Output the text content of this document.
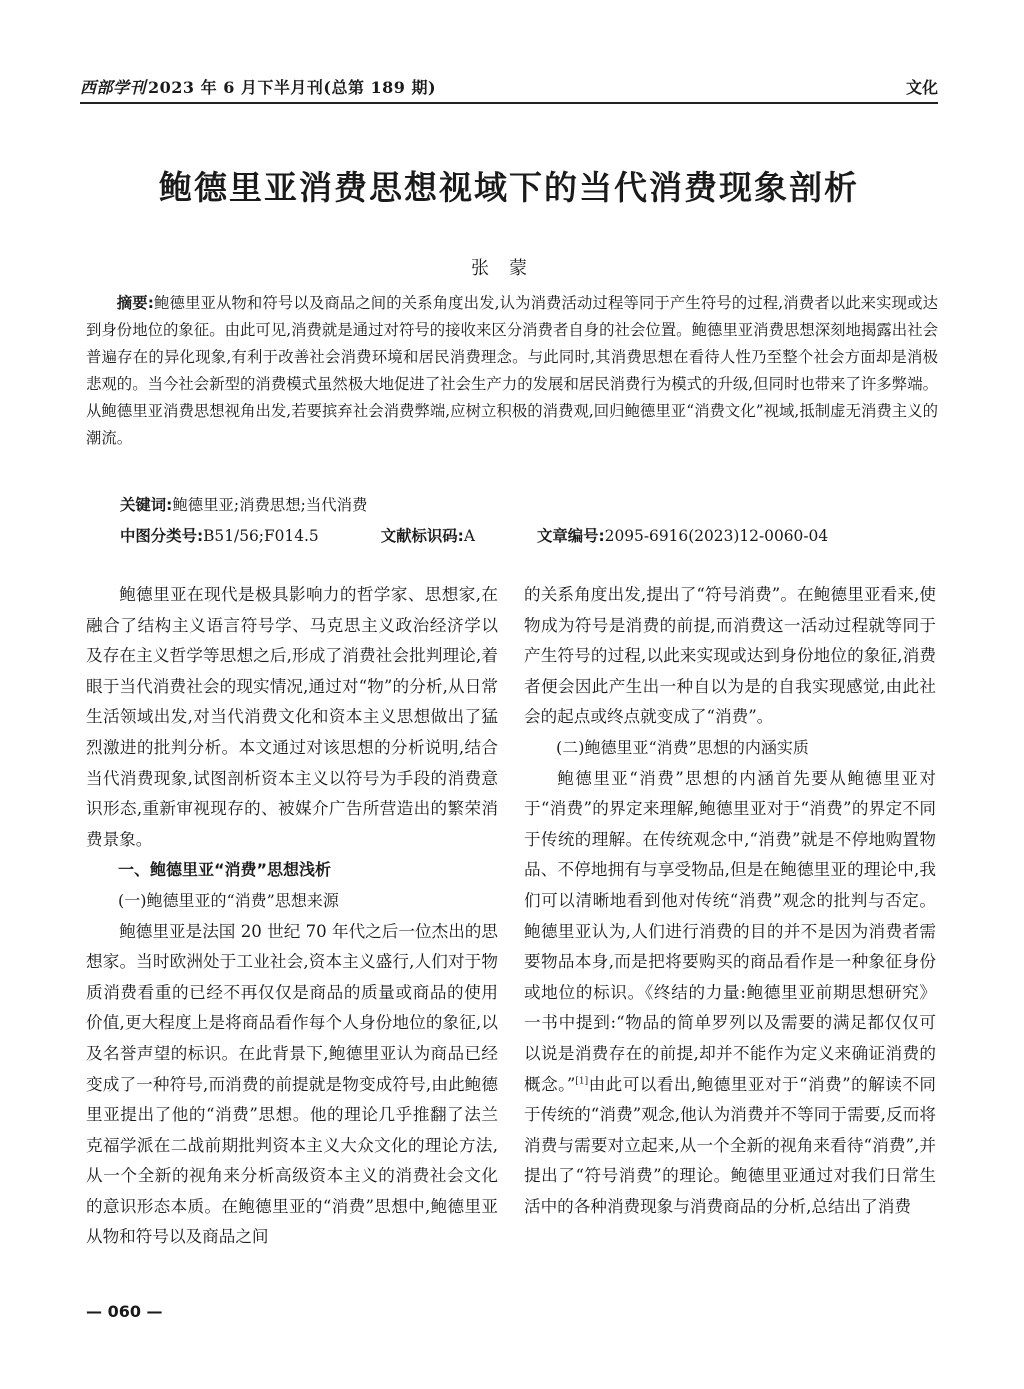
西部学刊 2023 年 6 月下半月刊(总第 189 期)	文化
鲍德里亚消费思想视域下的当代消费现象剖析
张蒙
摘要:鲍德里亚从物和符号以及商品之间的关系角度出发,认为消费活动过程等同于产生符号的过程,消费者以此来实现或达到身份地位的象征。由此可见,消费就是通过对符号的接收来区分消费者自身的社会位置。鲍德里亚消费思想深刻地揭露出社会普遍存在的异化现象,有利于改善社会消费环境和居民消费理念。与此同时,其消费思想在看待人性乃至整个社会方面却是消极悲观的。当今社会新型的消费模式虽然极大地促进了社会生产力的发展和居民消费行为模式的升级,但同时也带来了许多弊端。从鲍德里亚消费思想视角出发,若要摈弃社会消费弊端,应树立积极的消费观,回归鲍德里亚“消费文化”视域,抵制虚无消费主义的潮流。
关键词:鲍德里亚;消费思想;当代消费
中图分类号:B51/56;F014.5	文献标识码:A	文章编号:2095-6916(2023)12-0060-04

鲍德里亚在现代是极具影响力的哲学家、思想家,在融合了结构主义语言符号学、马克思主义政治经济学以及存在主义哲学等思想之后,形成了消费社会批判理论,着眼于当代消费社会的现实情况,通过对“物”的分析,从日常生活领域出发,对当代消费文化和资本主义思想做出了猛烈激进的批判分析。本文通过对该思想的分析说明,结合当代消费现象,试图剖析资本主义以符号为手段的消费意识形态,重新审视现存的、被媒介广告所营造出的繁荣消费景象。

一、鲍德里亚“消费”思想浅析

(一)鲍德里亚的“消费”思想来源

鲍德里亚是法国 20 世纪 70 年代之后一位杰出的思想家。当时欧洲处于工业社会,资本主义盛行,人们对于物质消费看重的已经不再仅仅是商品的质量或商品的使用价值,更大程度上是将商品看作每个人身份地位的象征,以及名誉声望的标识。在此背景下,鲍德里亚认为商品已经变成了一种符号,而消费的前提就是物变成符号,由此鲍德里亚提出了他的“消费”思想。他的理论几乎推翻了法兰克福学派在二战前期批判资本主义大众文化的理论方法,从一个全新的视角来分析高级资本主义的消费社会文化的意识形态本质。在鲍德里亚的“消费”思想中,鲍德里亚从物和符号以及商品之间

的关系角度出发,提出了“符号消费”。在鲍德里亚看来,使物成为符号是消费的前提,而消费这一活动过程就等同于产生符号的过程,以此来实现或达到身份地位的象征,消费者便会因此产生出一种自以为是的自我实现感觉,由此社会的起点或终点就变成了“消费”。

(二)鲍德里亚“消费”思想的内涵实质

鲍德里亚“消费”思想的内涵首先要从鲍德里亚对于“消费”的界定来理解,鲍德里亚对于“消费”的界定不同于传统的理解。在传统观念中,“消费”就是不停地购置物品、不停地拥有与享受物品,但是在鲍德里亚的理论中,我们可以清晰地看到他对传统“消费”观念的批判与否定。鲍德里亚认为,人们进行消费的目的并不是因为消费者需要物品本身,而是把将要购买的商品看作是一种象征身份或地位的标识。《终结的力量:鲍德里亚前期思想研究》一书中提到:“物品的简单罗列以及需要的满足都仅仅可以说是消费存在的前提,却并不能作为定义来确证消费的概念。”[1]由此可以看出,鲍德里亚对于“消费”的解读不同于传统的“消费”观念,他认为消费并不等同于需要,反而将消费与需要对立起来,从一个全新的视角来看待“消费”,并提出了“符号消费”的理论。鲍德里亚通过对我们日常生活中的各种消费现象与消费商品的分析,总结出了消费

— 060 —
